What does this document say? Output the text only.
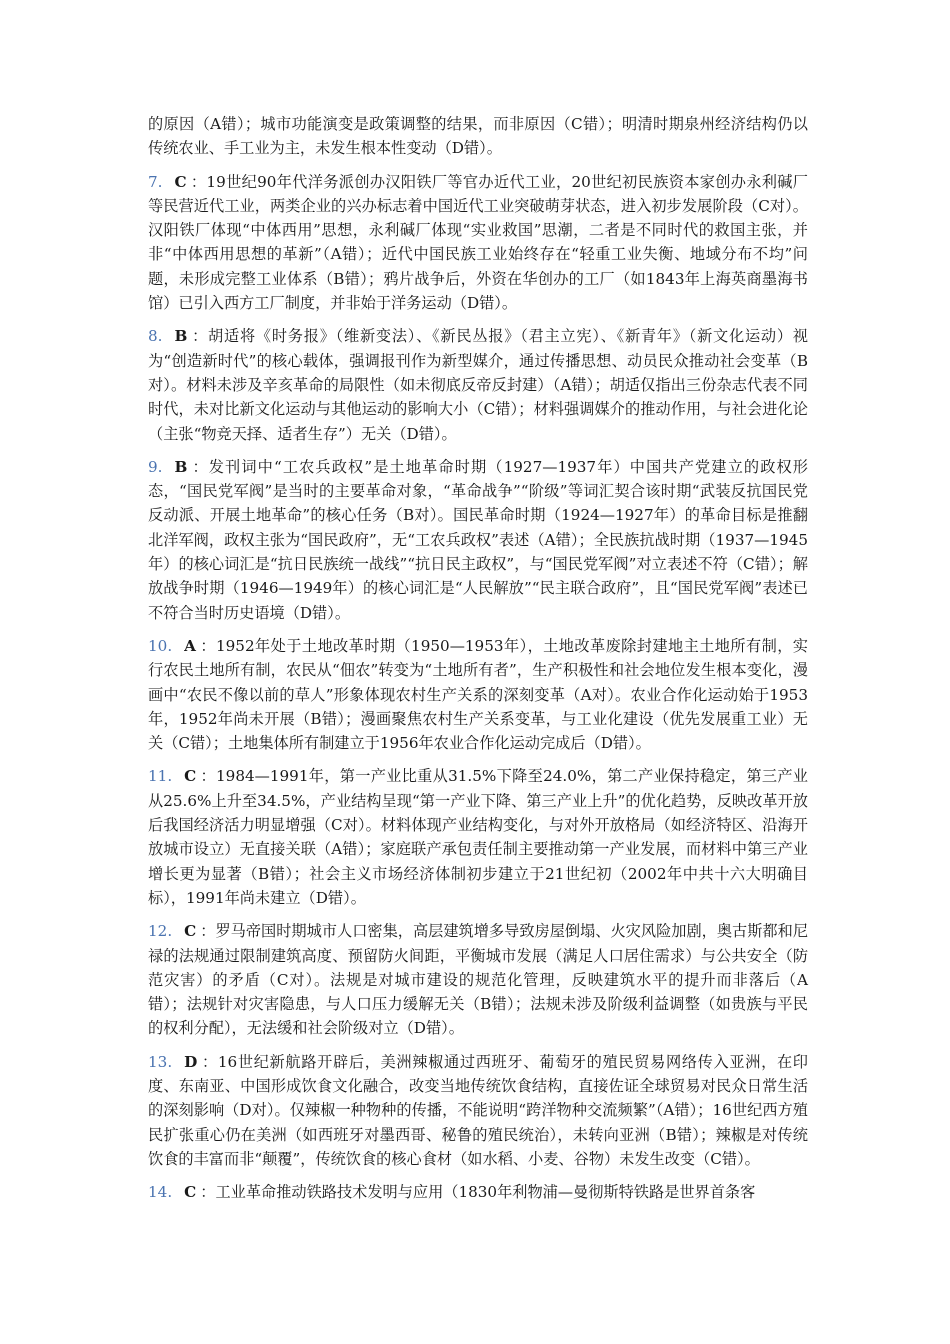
的原因（A错）；城市功能演变是政策调整的结果，而非原因（C错）；明清时期泉州经济结构仍以传统农业、手工业为主，未发生根本性变动（D错）。

7. C ：19世纪90年代洋务派创办汉阳铁厂等官办近代工业，20世纪初民族资本家创办永利碱厂等民营近代工业，两类企业的兴办标志着中国近代工业突破萌芽状态，进入初步发展阶段（C对）。汉阳铁厂体现“中体西用”思想，永利碱厂体现“实业救国”思潮，二者是不同时代的救国主张，并非“中体西用思想的革新”（A错）；近代中国民族工业始终存在“轻重工业失衡、地域分布不均”问题，未形成完整工业体系（B错）；鸦片战争后，外资在华创办的工厂（如1843年上海英商墨海书馆）已引入西方工厂制度，并非始于洋务运动（D错）。

8. B ：胡适将《时务报》（维新变法）、《新民丛报》（君主立宪）、《新青年》（新文化运动）视为“创造新时代”的核心载体，强调报刊作为新型媒介，通过传播思想、动员民众推动社会变革（B对）。材料未涉及辛亥革命的局限性（如未彻底反帝反封建）（A错）；胡适仅指出三份杂志代表不同时代，未对比新文化运动与其他运动的影响大小（C错）；材料强调媒介的推动作用，与社会进化论（主张“物竞天择、适者生存”）无关（D错）。

9. B ：发刊词中“工农兵政权”是土地革命时期（1927—1937年）中国共产党建立的政权形态，“国民党军阀”是当时的主要革命对象，“革命战争”“阶级”等词汇契合该时期“武装反抗国民党反动派、开展土地革命”的核心任务（B对）。国民革命时期（1924—1927年）的革命目标是推翻北洋军阀，政权主张为“国民政府”，无“工农兵政权”表述（A错）；全民族抗战时期（1937—1945年）的核心词汇是“抗日民族统一战线”“抗日民主政权”，与“国民党军阀”对立表述不符（C错）；解放战争时期（1946—1949年）的核心词汇是“人民解放”“民主联合政府”，且“国民党军阀”表述已不符合当时历史语境（D错）。

10. A ：1952年处于土地改革时期（1950—1953年），土地改革废除封建地主土地所有制，实行农民土地所有制，农民从“佃农”转变为“土地所有者”，生产积极性和社会地位发生根本变化，漫画中“农民不像以前的草人”形象体现农村生产关系的深刻变革（A对）。农业合作化运动始于1953年，1952年尚未开展（B错）；漫画聚焦农村生产关系变革，与工业化建设（优先发展重工业）无关（C错）；土地集体所有制建立于1956年农业合作化运动完成后（D错）。

11. C ：1984—1991年，第一产业比重从31.5%下降至24.0%，第二产业保持稳定，第三产业从25.6%上升至34.5%，产业结构呈现“第一产业下降、第三产业上升”的优化趋势，反映改革开放后我国经济活力明显增强（C对）。材料体现产业结构变化，与对外开放格局（如经济特区、沿海开放城市设立）无直接关联（A错）；家庭联产承包责任制主要推动第一产业发展，而材料中第三产业增长更为显著（B错）；社会主义市场经济体制初步建立于21世纪初（2002年中共十六大明确目标），1991年尚未建立（D错）。

12. C ：罗马帝国时期城市人口密集，高层建筑增多导致房屋倒塌、火灾风险加剧，奥古斯都和尼禄的法规通过限制建筑高度、预留防火间距，平衡城市发展（满足人口居住需求）与公共安全（防范灾害）的矛盾（C对）。法规是对城市建设的规范化管理，反映建筑水平的提升而非落后（A错）；法规针对灾害隐患，与人口压力缓解无关（B错）；法规未涉及阶级利益调整（如贵族与平民的权利分配），无法缓和社会阶级对立（D错）。

13. D ：16世纪新航路开辟后，美洲辣椒通过西班牙、葡萄牙的殖民贸易网络传入亚洲，在印度、东南亚、中国形成饮食文化融合，改变当地传统饮食结构，直接佐证全球贸易对民众日常生活的深刻影响（D对）。仅辣椒一种物种的传播，不能说明“跨洋物种交流频繁”（A错）；16世纪西方殖民扩张重心仍在美洲（如西班牙对墨西哥、秘鲁的殖民统治），未转向亚洲（B错）；辣椒是对传统饮食的丰富而非“颠覆”，传统饮食的核心食材（如水稻、小麦、谷物）未发生改变（C错）。

14. C ：工业革命推动铁路技术发明与应用（1830年利物浦—曼彻斯特铁路是世界首条客
